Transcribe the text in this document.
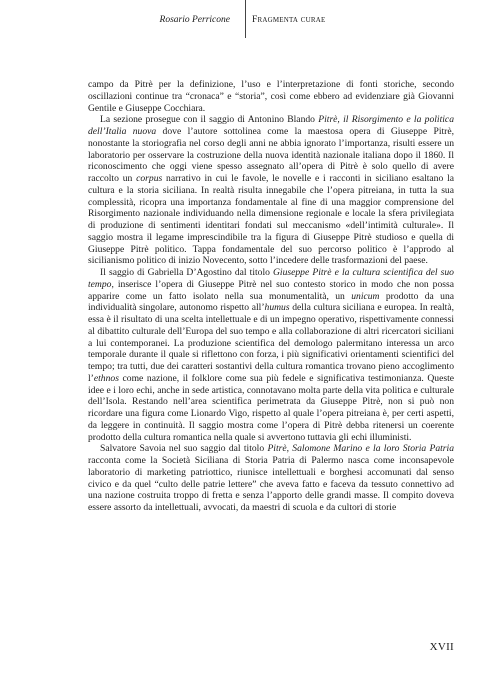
Rosario Perricone Fragmenta curae

campo da Pitrè per la definizione, l’uso e l’interpretazione di fonti storiche, secondo oscillazioni continue tra “cronaca” e “storia”, così come ebbero ad evidenziare già Giovanni Gentile e Giuseppe Cocchiara.

La sezione prosegue con il saggio di Antonino Blando Pitrè, il Risorgimento e la politica dell’Italia nuova dove l’autore sottolinea come la maestosa opera di Giuseppe Pitrè, nonostante la storiografia nel corso degli anni ne abbia ignorato l’importanza, risulti essere un laboratorio per osservare la costruzione della nuova identità nazionale italiana dopo il 1860. Il riconoscimento che oggi viene spesso assegnato all’opera di Pitrè è solo quello di avere raccolto un corpus narrativo in cui le favole, le novelle e i racconti in siciliano esaltano la cultura e la storia siciliana. In realtà risulta innegabile che l’opera pitreiana, in tutta la sua complessità, ricopra una importanza fondamentale al fine di una maggior comprensione del Risorgimento nazionale individuando nella dimensione regionale e locale la sfera privilegiata di produzione di sentimenti identitari fondati sul meccanismo «dell’intimità culturale». Il saggio mostra il legame imprescindibile tra la figura di Giuseppe Pitrè studioso e quella di Giuseppe Pitrè politico. Tappa fondamentale del suo percorso politico è l’approdo al sicilianismo politico di inizio Novecento, sotto l’incedere delle trasformazioni del paese.

Il saggio di Gabriella D’Agostino dal titolo Giuseppe Pitrè e la cultura scientifica del suo tempo, inserisce l’opera di Giuseppe Pitrè nel suo contesto storico in modo che non possa apparire come un fatto isolato nella sua monumentalità, un unicum prodotto da una individualità singolare, autonomo rispetto all’humus della cultura siciliana e europea. In realtà, essa è il risultato di una scelta intellettuale e di un impegno operativo, rispettivamente connessi al dibattito culturale dell’Europa del suo tempo e alla collaborazione di altri ricercatori siciliani a lui contemporanei. La produzione scientifica del demologo palermitano interessa un arco temporale durante il quale si riflettono con forza, i più significativi orientamenti scientifici del tempo; tra tutti, due dei caratteri sostantivi della cultura romantica trovano pieno accoglimento l’ethnos come nazione, il folklore come sua più fedele e significativa testimonianza. Queste idee e i loro echi, anche in sede artistica, connotavano molta parte della vita politica e culturale dell’Isola. Restando nell’area scientifica perimetrata da Giuseppe Pitrè, non si può non ricordare una figura come Lionardo Vigo, rispetto al quale l’opera pitreiana è, per certi aspetti, da leggere in continuità. Il saggio mostra come l’opera di Pitrè debba ritenersi un coerente prodotto della cultura romantica nella quale si avvertono tuttavia gli echi illuministi.

Salvatore Savoia nel suo saggio dal titolo Pitrè, Salomone Marino e la loro Storia Patria racconta come la Società Siciliana di Storia Patria di Palermo nasca come inconsapevole laboratorio di marketing patriottico, riunisce intellettuali e borghesi accomunati dal senso civico e da quel “culto delle patrie lettere” che aveva fatto e faceva da tessuto connettivo ad una nazione costruita troppo di fretta e senza l’apporto delle grandi masse. Il compito doveva essere assorto da intellettuali, avvocati, da maestri di scuola e da cultori di storie

XVII
